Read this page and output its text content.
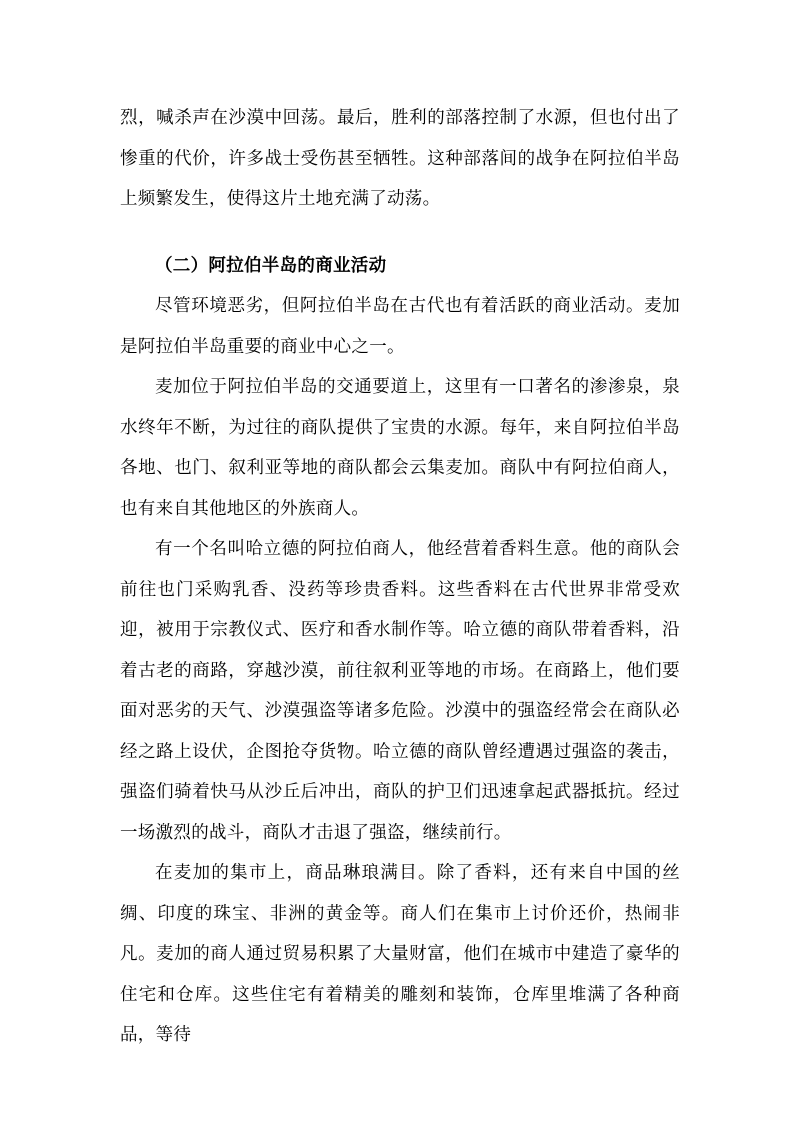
烈，喊杀声在沙漠中回荡。最后，胜利的部落控制了水源，但也付出了惨重的代价，许多战士受伤甚至牺牲。这种部落间的战争在阿拉伯半岛上频繁发生，使得这片土地充满了动荡。

（二）阿拉伯半岛的商业活动

尽管环境恶劣，但阿拉伯半岛在古代也有着活跃的商业活动。麦加是阿拉伯半岛重要的商业中心之一。

麦加位于阿拉伯半岛的交通要道上，这里有一口著名的渗渗泉，泉水终年不断，为过往的商队提供了宝贵的水源。每年，来自阿拉伯半岛各地、也门、叙利亚等地的商队都会云集麦加。商队中有阿拉伯商人，也有来自其他地区的外族商人。

有一个名叫哈立德的阿拉伯商人，他经营着香料生意。他的商队会前往也门采购乳香、没药等珍贵香料。这些香料在古代世界非常受欢迎，被用于宗教仪式、医疗和香水制作等。哈立德的商队带着香料，沿着古老的商路，穿越沙漠，前往叙利亚等地的市场。在商路上，他们要面对恶劣的天气、沙漠强盗等诸多危险。沙漠中的强盗经常会在商队必经之路上设伏，企图抢夺货物。哈立德的商队曾经遭遇过强盗的袭击，强盗们骑着快马从沙丘后冲出，商队的护卫们迅速拿起武器抵抗。经过一场激烈的战斗，商队才击退了强盗，继续前行。

在麦加的集市上，商品琳琅满目。除了香料，还有来自中国的丝绸、印度的珠宝、非洲的黄金等。商人们在集市上讨价还价，热闹非凡。麦加的商人通过贸易积累了大量财富，他们在城市中建造了豪华的住宅和仓库。这些住宅有着精美的雕刻和装饰，仓库里堆满了各种商品，等待
